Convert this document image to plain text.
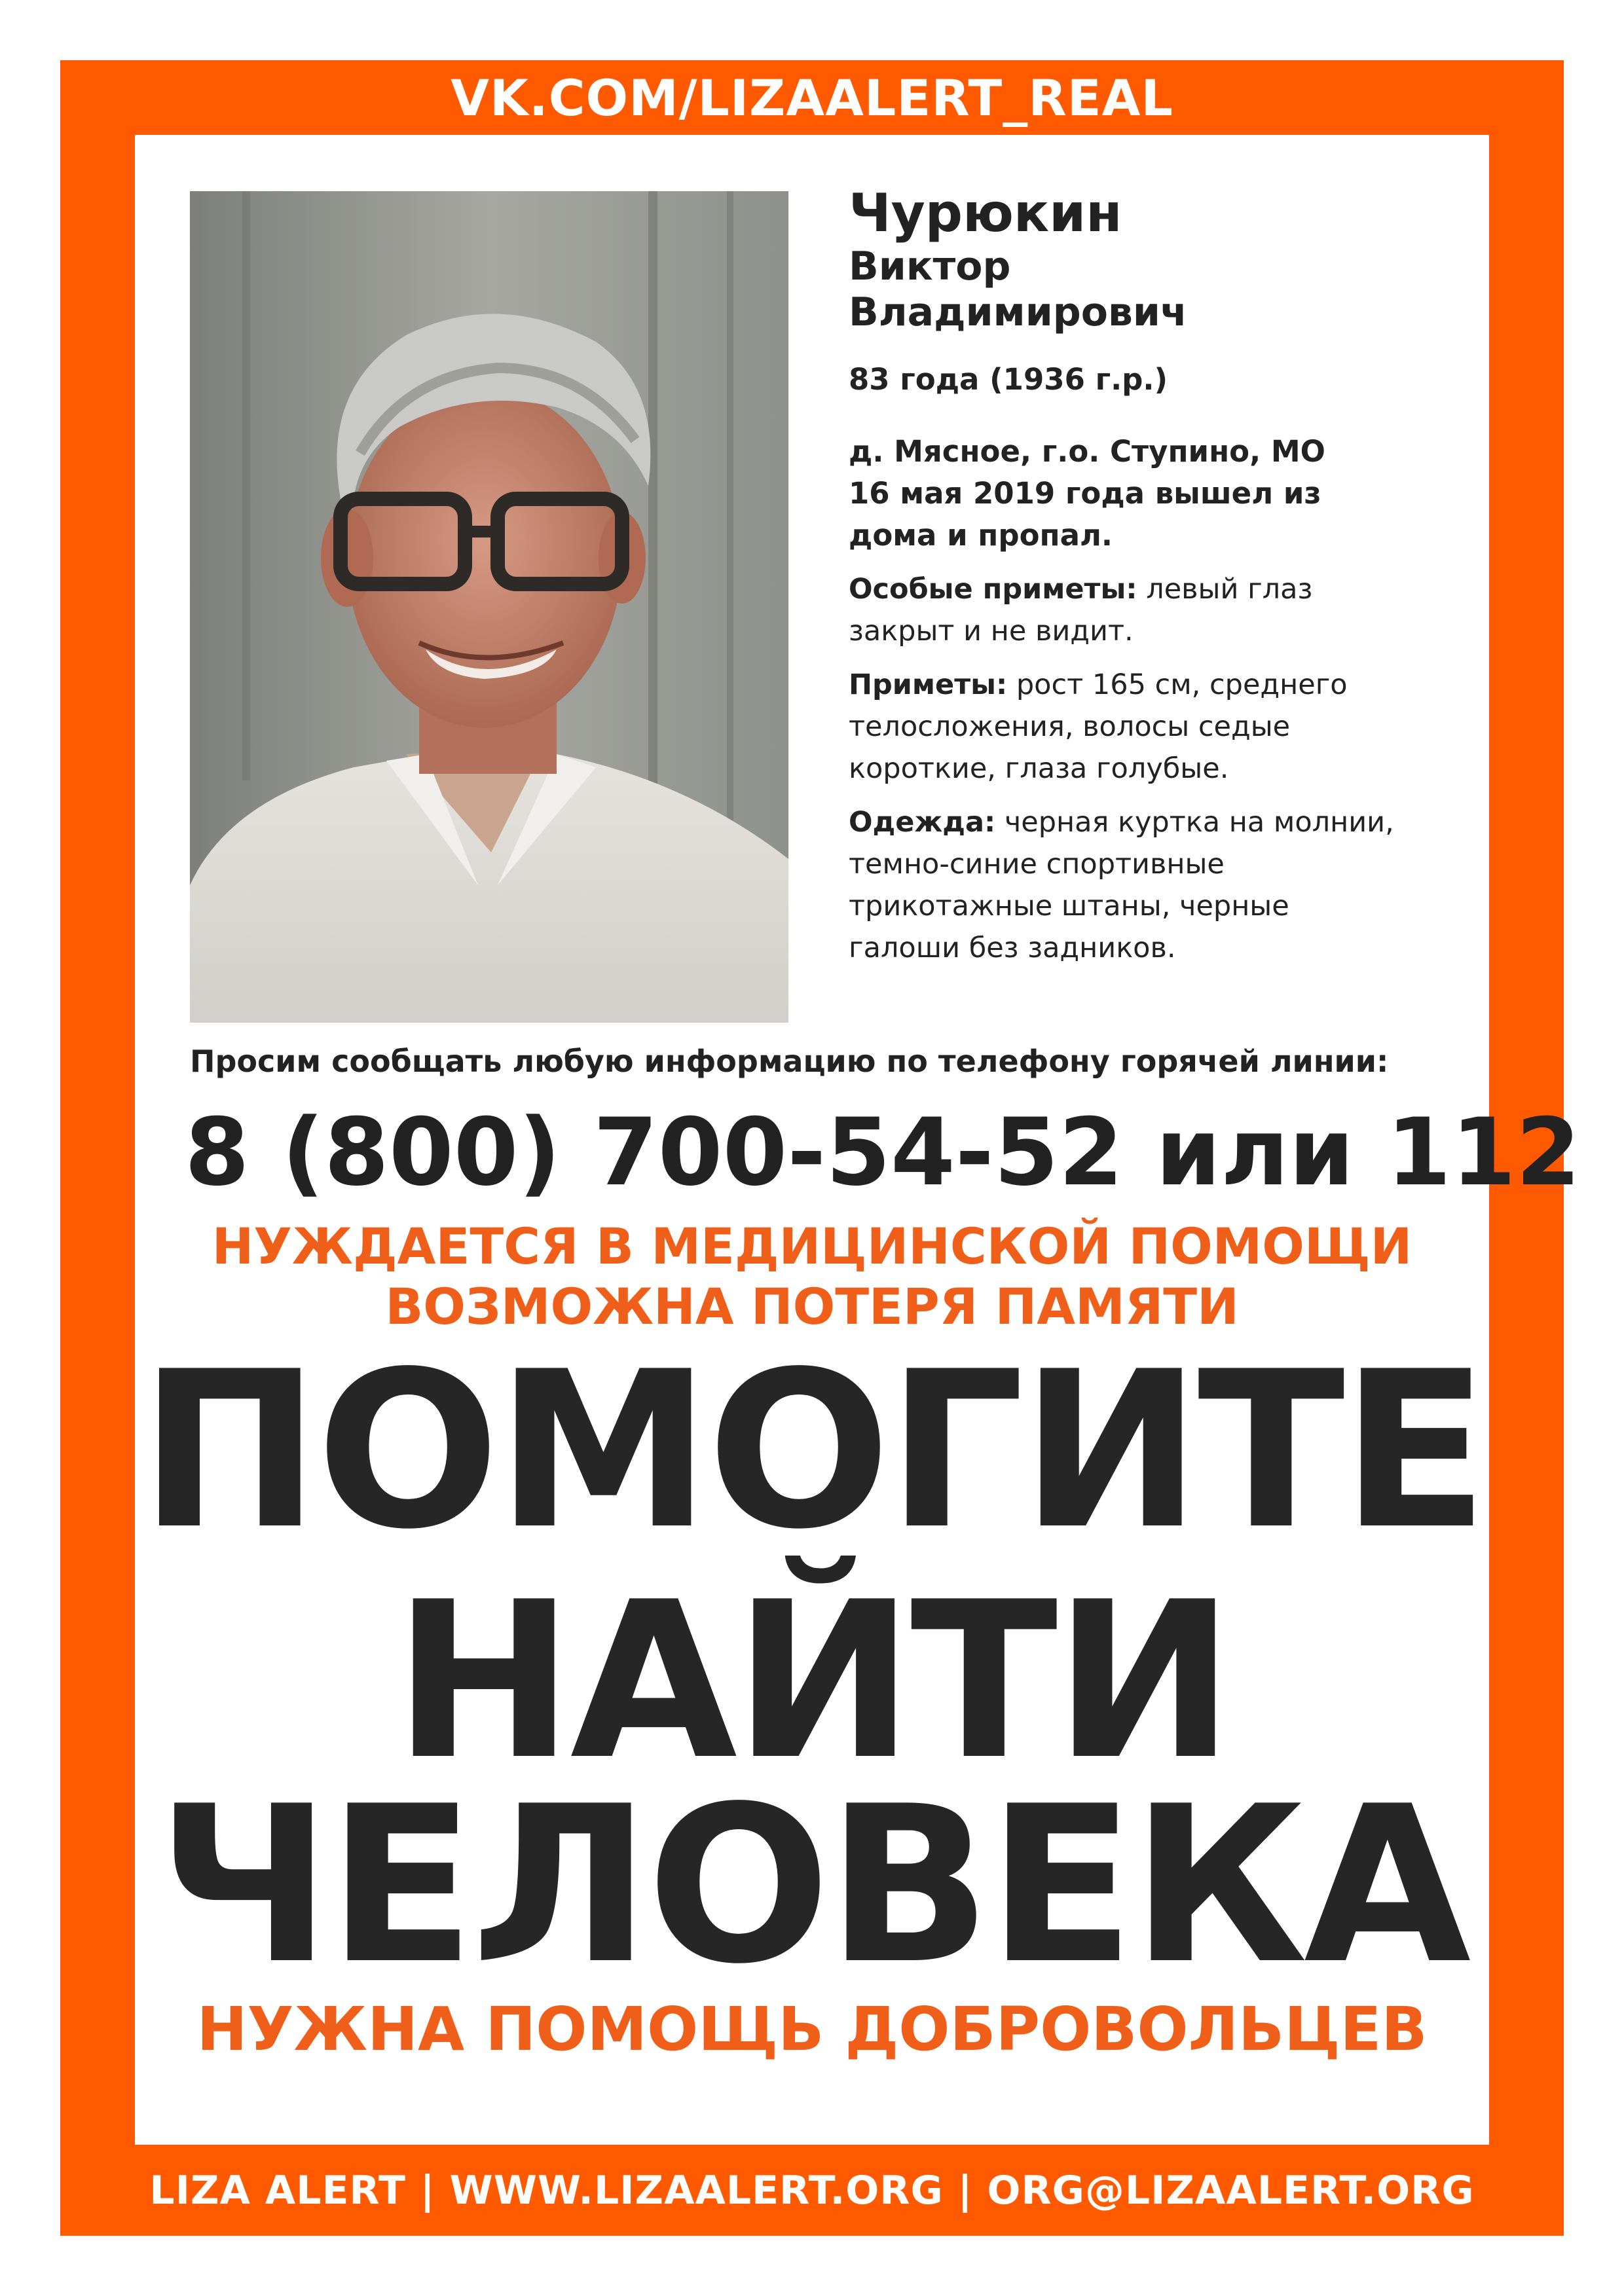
VK.COM/LIZAALERT_REAL
Чурюкин
Виктор
Владимирович
83 года (1936 г.р.)
д. Мясное, г.о. Ступино, МО
16 мая 2019 года вышел из
дома и пропал.
Особые приметы: левый глаз
закрыт и не видит.
Приметы: рост 165 см, среднего
телосложения, волосы седые
короткие, глаза голубые.
Одежда: черная куртка на молнии,
темно-синие спортивные
трикотажные штаны, черные
галоши без задников.
Просим сообщать любую информацию по телефону горячей линии:
8 (800) 700-54-52 или 112
НУЖДАЕТСЯ В МЕДИЦИНСКОЙ ПОМОЩИ
ВОЗМОЖНА ПОТЕРЯ ПАМЯТИ
ПОМОГИТЕ
НАЙТИ
ЧЕЛОВЕКА
НУЖНА ПОМОЩЬ ДОБРОВОЛЬЦЕВ
LIZA ALERT | WWW.LIZAALERT.ORG | ORG@LIZAALERT.ORG
